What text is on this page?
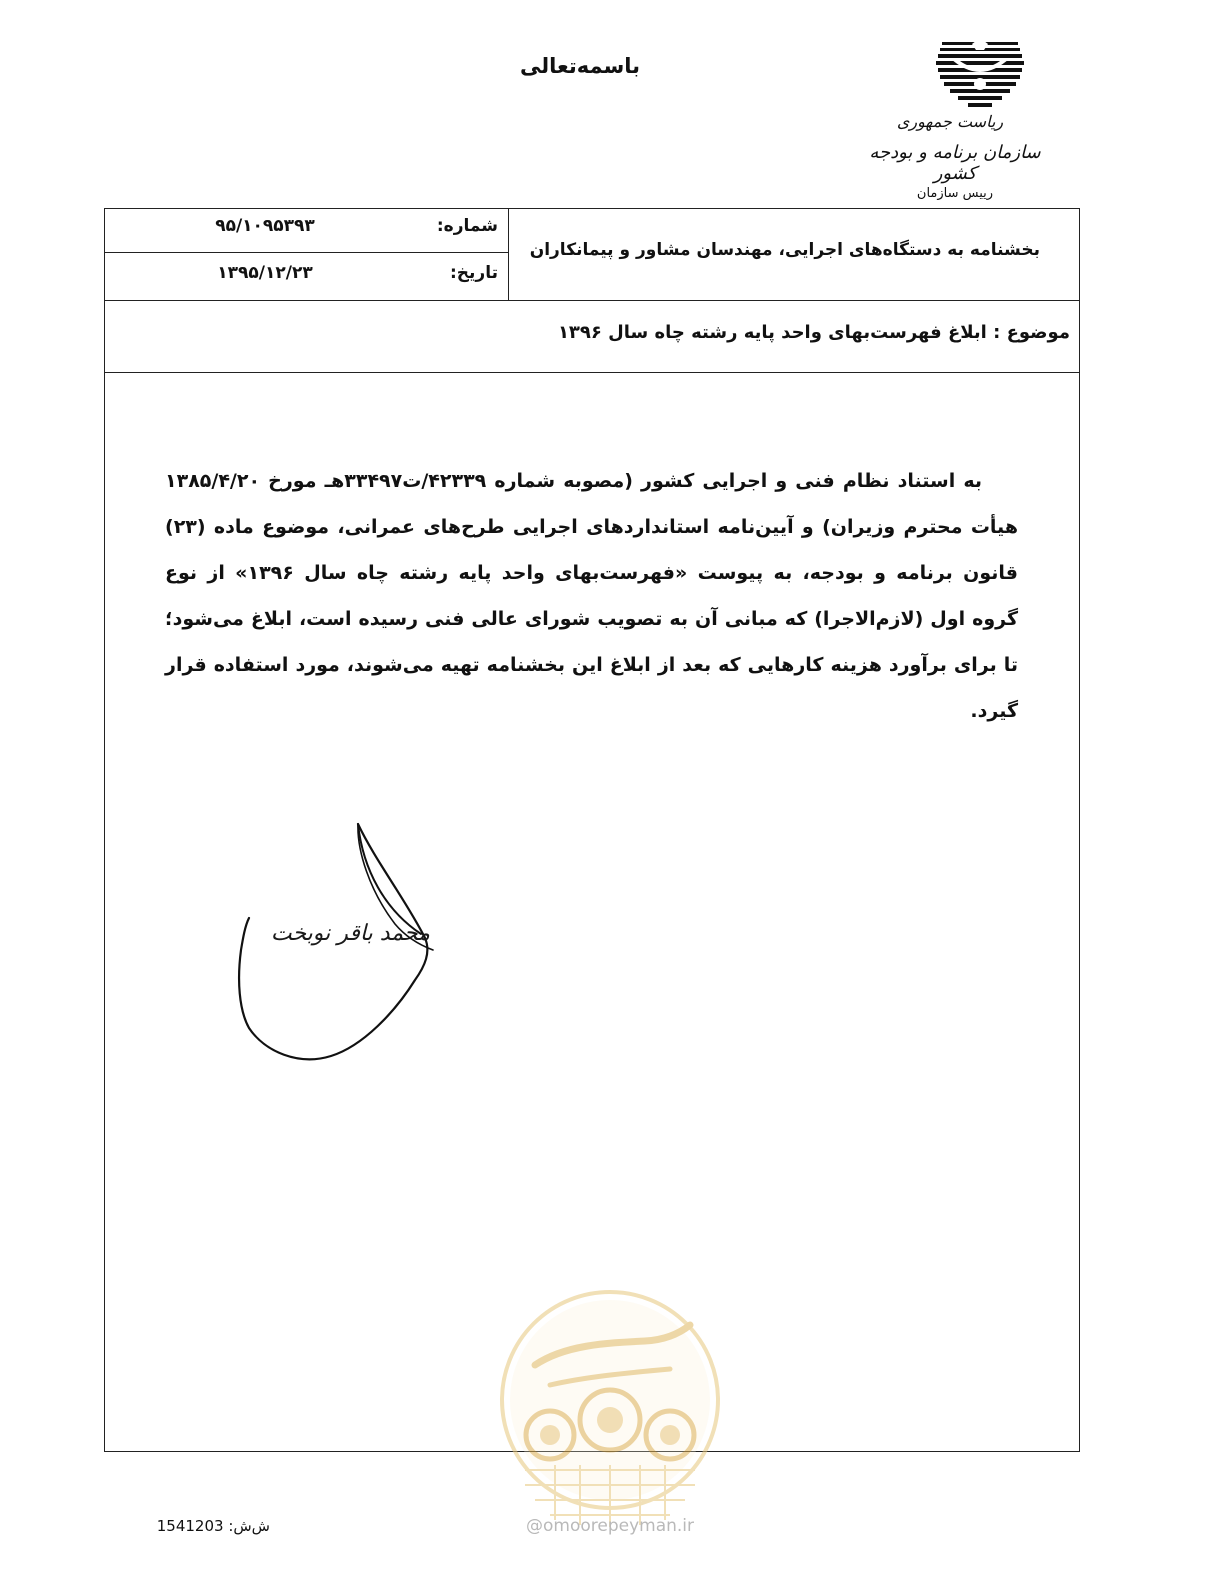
باسمه‌تعالی
ریاست جمهوری
سازمان برنامه و بودجه کشور
رییس سازمان
شماره:
۹۵/۱۰۹۵۳۹۳
تاریخ:
۱۳۹۵/۱۲/۲۳
بخشنامه به دستگاه‌های اجرایی، مهندسان مشاور و پیمانکاران
موضوع : ابلاغ فهرست‌بهای واحد پایه رشته چاه سال ۱۳۹۶
به استناد نظام فنی و اجرایی کشور (مصوبه شماره ۴۲۳۳۹/ت۳۳۴۹۷هـ مورخ ۱۳۸۵/۴/۲۰ هیأت محترم وزیران) و آیین‌نامه استانداردهای اجرایی طرح‌های عمرانی، موضوع ماده (۲۳) قانون برنامه و بودجه، به پیوست «فهرست‌بهای واحد پایه رشته چاه سال ۱۳۹۶» از نوع گروه اول (لازم‌الاجرا) که مبانی آن به تصویب شورای عالی فنی رسیده است، ابلاغ می‌شود؛ تا برای برآورد هزینه کارهایی که بعد از ابلاغ این بخشنامه تهیه می‌شوند، مورد استفاده قرار گیرد.
محمد باقر نوبخت
@omoorepeyman.ir
ش‌ش: 1541203
